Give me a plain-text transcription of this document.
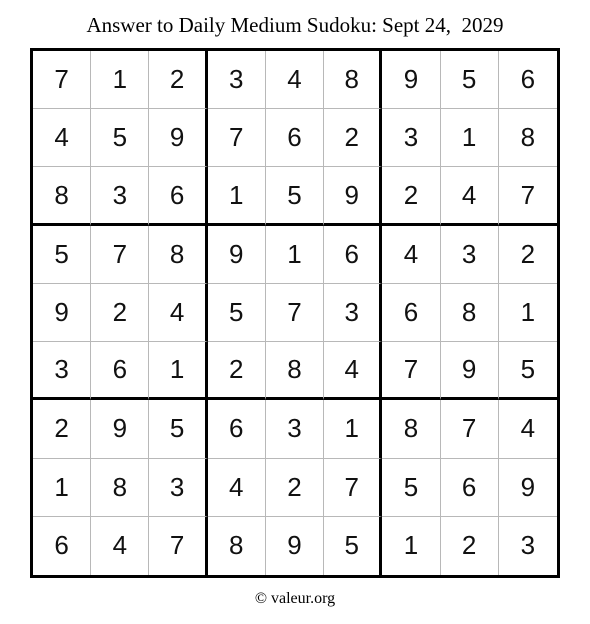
Answer to Daily Medium Sudoku: Sept 24,  2029
7	1	2	3	4	8	9	5	6
4	5	9	7	6	2	3	1	8
8	3	6	1	5	9	2	4	7
5	7	8	9	1	6	4	3	2
9	2	4	5	7	3	6	8	1
3	6	1	2	8	4	7	9	5
2	9	5	6	3	1	8	7	4
1	8	3	4	2	7	5	6	9
6	4	7	8	9	5	1	2	3
© valeur.org
